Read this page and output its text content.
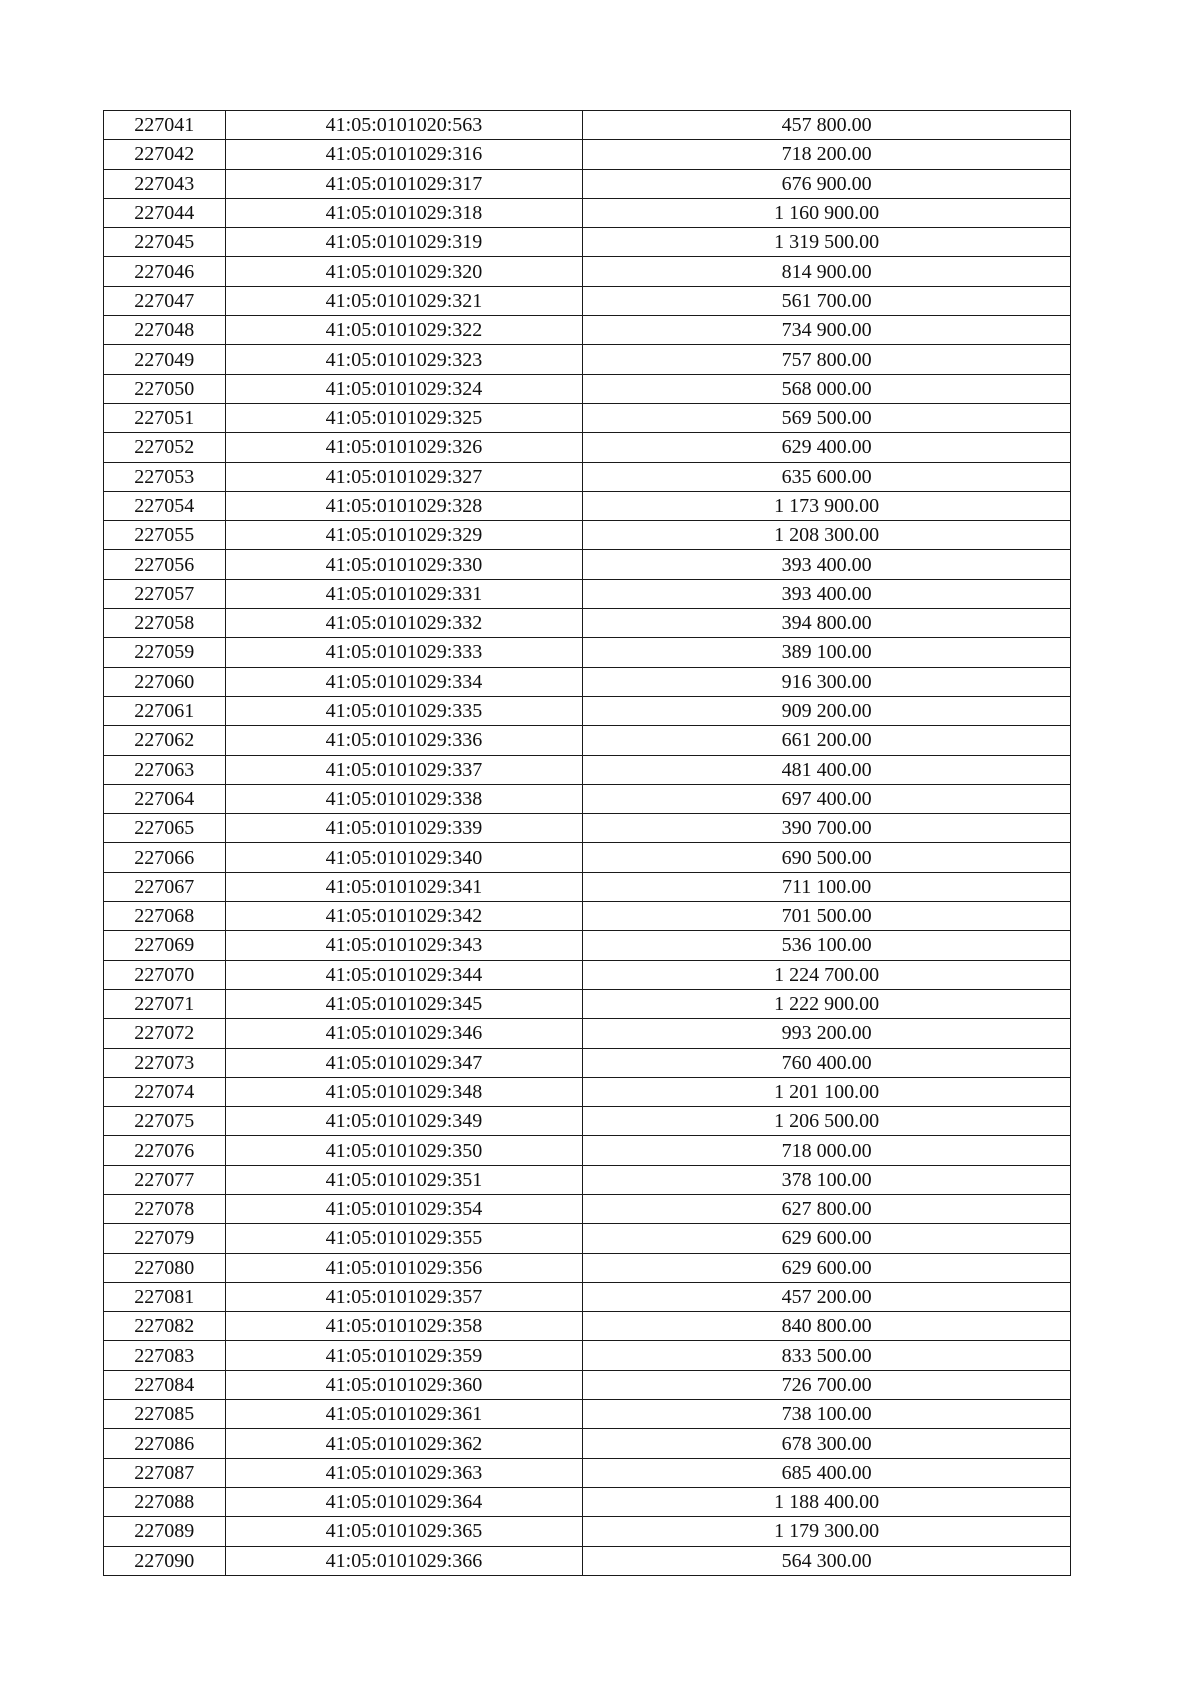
227041	41:05:0101020:563	457 800.00
227042	41:05:0101029:316	718 200.00
227043	41:05:0101029:317	676 900.00
227044	41:05:0101029:318	1 160 900.00
227045	41:05:0101029:319	1 319 500.00
227046	41:05:0101029:320	814 900.00
227047	41:05:0101029:321	561 700.00
227048	41:05:0101029:322	734 900.00
227049	41:05:0101029:323	757 800.00
227050	41:05:0101029:324	568 000.00
227051	41:05:0101029:325	569 500.00
227052	41:05:0101029:326	629 400.00
227053	41:05:0101029:327	635 600.00
227054	41:05:0101029:328	1 173 900.00
227055	41:05:0101029:329	1 208 300.00
227056	41:05:0101029:330	393 400.00
227057	41:05:0101029:331	393 400.00
227058	41:05:0101029:332	394 800.00
227059	41:05:0101029:333	389 100.00
227060	41:05:0101029:334	916 300.00
227061	41:05:0101029:335	909 200.00
227062	41:05:0101029:336	661 200.00
227063	41:05:0101029:337	481 400.00
227064	41:05:0101029:338	697 400.00
227065	41:05:0101029:339	390 700.00
227066	41:05:0101029:340	690 500.00
227067	41:05:0101029:341	711 100.00
227068	41:05:0101029:342	701 500.00
227069	41:05:0101029:343	536 100.00
227070	41:05:0101029:344	1 224 700.00
227071	41:05:0101029:345	1 222 900.00
227072	41:05:0101029:346	993 200.00
227073	41:05:0101029:347	760 400.00
227074	41:05:0101029:348	1 201 100.00
227075	41:05:0101029:349	1 206 500.00
227076	41:05:0101029:350	718 000.00
227077	41:05:0101029:351	378 100.00
227078	41:05:0101029:354	627 800.00
227079	41:05:0101029:355	629 600.00
227080	41:05:0101029:356	629 600.00
227081	41:05:0101029:357	457 200.00
227082	41:05:0101029:358	840 800.00
227083	41:05:0101029:359	833 500.00
227084	41:05:0101029:360	726 700.00
227085	41:05:0101029:361	738 100.00
227086	41:05:0101029:362	678 300.00
227087	41:05:0101029:363	685 400.00
227088	41:05:0101029:364	1 188 400.00
227089	41:05:0101029:365	1 179 300.00
227090	41:05:0101029:366	564 300.00
